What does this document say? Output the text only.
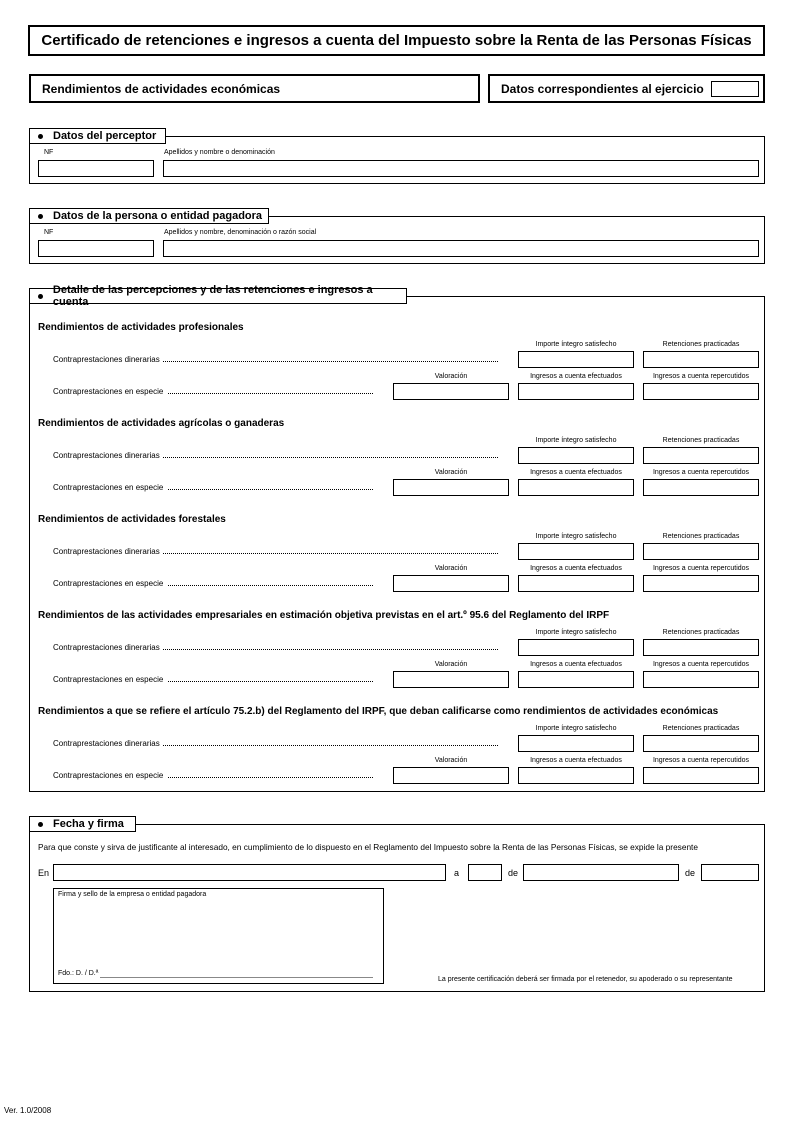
Certificado de retenciones e ingresos a cuenta del Impuesto sobre la Renta de las Personas Físicas
Rendimientos de actividades económicas	Datos correspondientes al ejercicio
Datos del perceptor
NF	Apellidos y nombre o denominación
Datos de la persona o entidad pagadora
NF	Apellidos y nombre, denominación o razón social
Detalle de las percepciones y de las retenciones e ingresos a cuenta
Rendimientos de actividades profesionales
Importe íntegro satisfecho	Retenciones practicadas
Contraprestaciones dinerarias
Valoración	Ingresos a cuenta efectuados	Ingresos a cuenta repercutidos
Contraprestaciones en especie
Rendimientos de actividades agrícolas o ganaderas
Importe íntegro satisfecho	Retenciones practicadas
Contraprestaciones dinerarias
Valoración	Ingresos a cuenta efectuados	Ingresos a cuenta repercutidos
Contraprestaciones en especie
Rendimientos de actividades forestales
Importe íntegro satisfecho	Retenciones practicadas
Contraprestaciones dinerarias
Valoración	Ingresos a cuenta efectuados	Ingresos a cuenta repercutidos
Contraprestaciones en especie
Rendimientos de las actividades empresariales en estimación objetiva previstas en el art.º 95.6 del Reglamento del IRPF
Importe íntegro satisfecho	Retenciones practicadas
Contraprestaciones dinerarias
Valoración	Ingresos a cuenta efectuados	Ingresos a cuenta repercutidos
Contraprestaciones en especie
Rendimientos a que se refiere el artículo 75.2.b) del Reglamento del IRPF, que deban calificarse como rendimientos de actividades económicas
Importe íntegro satisfecho	Retenciones practicadas
Contraprestaciones dinerarias
Valoración	Ingresos a cuenta efectuados	Ingresos a cuenta repercutidos
Contraprestaciones en especie
Fecha y firma
Para que conste y sirva de justificante al interesado, en cumplimiento de lo dispuesto en el Reglamento del Impuesto sobre la Renta de las Personas Físicas, se expide la presente
En	a	de	de
Firma y sello de la empresa o entidad pagadora
Fdo.: D. / D.ª
La presente certificación deberá ser firmada por el retenedor, su apoderado o su representante
Ver. 1.0/2008
